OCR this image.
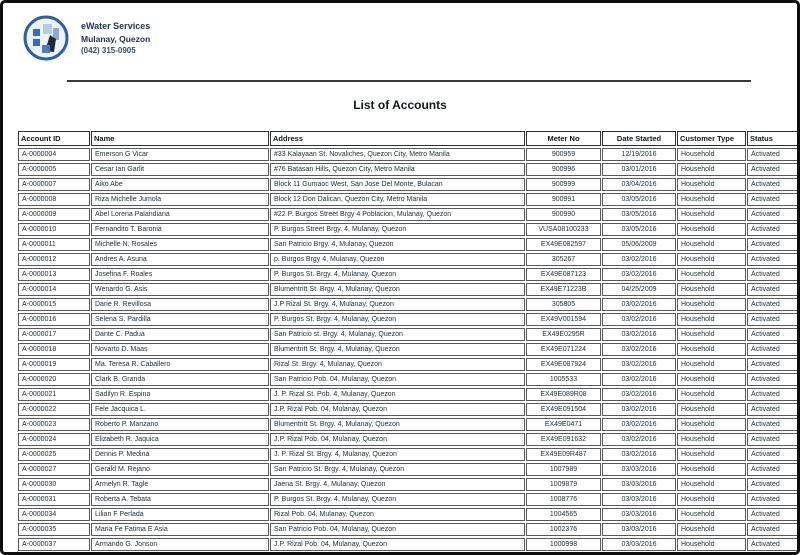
eWater Services
Mulanay, Quezon
(042) 315-0905
List of Accounts
Account ID	Name	Address	Meter No	Date Started	Customer Type	Status
A-0000004	Emerson G Vicar	#33 Kalayaan St. Novaliches, Quezon City, Metro Manila	900959	12/19/2016	Household	Activated
A-0000005	Cesar Ian Garlit	#76 Batasan Hills, Quezon City, Metro Manila	900996	03/01/2016	Household	Activated
A-0000007	Aiko Abe	Block 11 Gumaoc West, San Jose Del Monte, Bulacan	900999	03/04/2016	Household	Activated
A-0000008	Riza Michelle Jumola	Block 12 Don Dalican, Quezon City, Metro Manila	900991	03/05/2016	Household	Activated
A-0000009	Abel Lorena Palandiana	#22 P. Burgos Street Brgy 4 Poblacion, Mulanay, Quezon	900990	03/05/2016	Household	Activated
A-0000010	Fernandito T. Baronia	P. Burgos Street Brgy. 4, Mulanay, Quezon	VUSA08100233	03/05/2016	Household	Activated
A-0000011	Michelle N. Rosales	San Patricio Brgy. 4, Mulanay, Quezon	EX49E082597	05/06/2009	Household	Activated
A-0000012	Andres A. Asuna	p. Burgos Brgy 4, Mulanay, Quezon	305267	03/02/2016	Household	Activated
A-0000013	Josefina F. Roales	P. Burgos St. Brgy. 4, Mulanay, Quezon	EX49E087123	03/02/2016	Household	Activated
A-0000014	Wenardo G. Asis	Blumentritt St. Brgy. 4, Mulanay, Quezon	EX49E71223B	04/25/2009	Household	Activated
A-0000015	Darie R. Revillosa	J.P Rizal St. Brgy. 4, Mulanay, Quezon	305805	03/02/2016	Household	Activated
A-0000016	Selena S. Pardilla	P. Burgos St. Brgy. 4, Mulanay, Quezon	EX49V001594	03/02/2016	Household	Activated
A-0000017	Dante C. Padua	San Patricio st. Brgy. 4, Mulanay, Quezon	EX49E0295R	03/02/2016	Household	Activated
A-0000018	Novarto D. Maas	Blumentritt St. Brgy. 4, Mulanay, Quezon	EX49E071224	03/02/2016	Household	Activated
A-0000019	Ma. Teresa R. Caballero	Rizal St. Brgy. 4, Mulanay, Quezon	EX49E087924	03/02/2016	Household	Activated
A-0000020	Clark B. Granda	San Patricio Pob. 04, Mulanay, Quezon	1005533	03/02/2016	Household	Activated
A-0000021	Sadilyn R. Espina	J. P. Rizal St. Pob. 4, Mulanay, Quezon	EX49E089R08	03/02/2016	Household	Activated
A-0000022	Fele Jacquica L.	J.P. Rizal Pob. 04, Mulanay, Quezon	EX49E091504	03/02/2016	Household	Activated
A-0000023	Roberto P. Manzano	Blumentritt St. Brgy. 4, Mulanay, Quezon	EX49E0471	03/02/2016	Household	Activated
A-0000024	Elizabeth R. Jaquica	J.P. Rizal Pob. 04, Mulanay, Quezon	EX49E091632	03/02/2016	Household	Activated
A-0000025	Dennis P. Medina	J. P. Rizal St. Brgy. 4, Mulanay, Quezon	EX49E09R487	03/02/2016	Household	Activated
A-0000027	Gerald M. Rejano	San Patricio St. Brgy. 4, Mulanay, Quezon	1007989	03/03/2016	Household	Activated
A-0000030	Armelyn R. Tagle	Jaena St. Brgy. 4, Mulanay, Quezon	1009879	03/03/2016	Household	Activated
A-0000031	Roberta A. Tebata	P. Burgos St. Brgy. 4, Mulanay, Quezon	1008776	03/03/2016	Household	Activated
A-0000034	Lilian F Perlada	Rizal Pob. 04, Mulanay, Quezon	1004565	03/03/2016	Household	Activated
A-0000035	Maria Fe Fatima E Asia	San Patricio Pob. 04, Mulanay, Quezon	1002376	03/03/2016	Household	Activated
A-0000037	Armando G. Jonson	J.P. Rizal Pob. 04, Mulanay, Quezon	1000998	03/03/2016	Household	Activated
